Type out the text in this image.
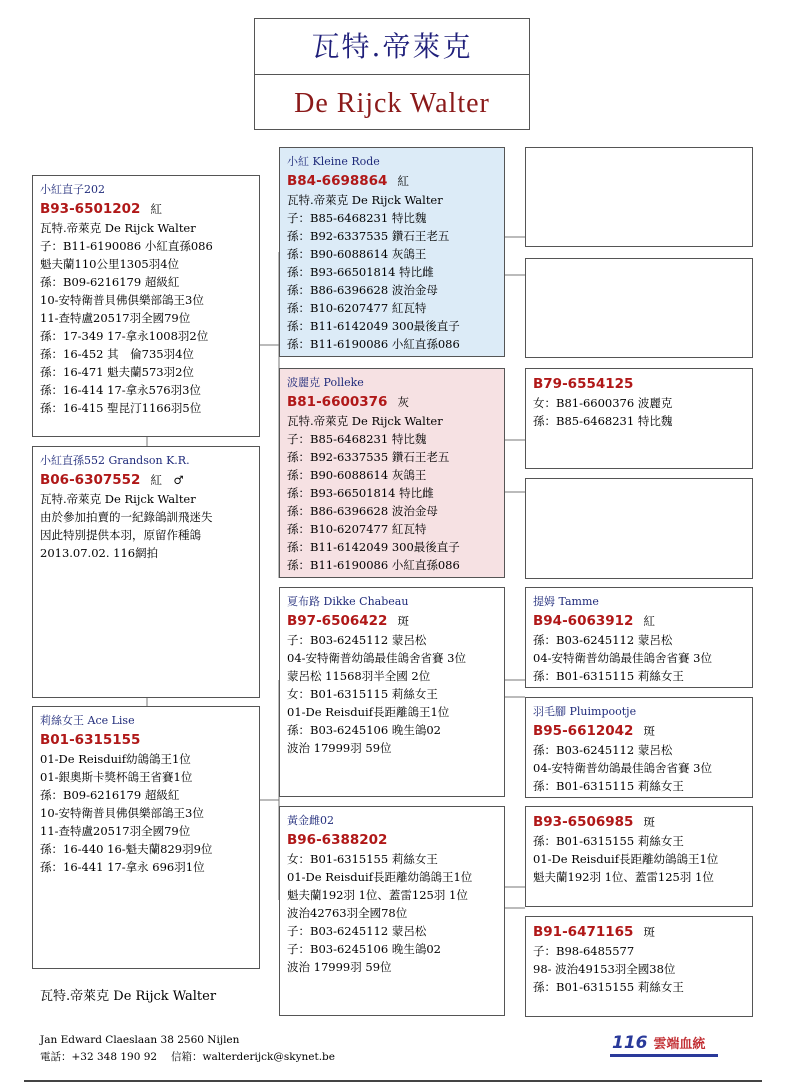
瓦特.帝萊克
De Rijck Walter
小紅直子202
B93-6501202 紅
瓦特.帝萊克 De Rijck Walter
子：B11-6190086 小紅直孫086
魁夫蘭110公里1305羽4位
孫：B09-6216179 超級紅
10-安特衛普貝佛俱樂部鴿王3位
11-查特盧20517羽全國79位
孫：17-349 17-拿永1008羽2位
孫：16-452 其　倫735羽4位
孫：16-471 魁夫蘭573羽2位
孫：16-414 17-拿永576羽3位
孫：16-415 聖昆汀1166羽5位
小紅直孫552 Grandson K.R.
B06-6307552 紅　♂
瓦特.帝萊克 De Rijck Walter
由於參加拍賣的一紀錄鴿訓飛迷失
因此特別提供本羽，原留作種鴿
2013.07.02. 116網拍
莉絲女王 Ace Lise
B01-6315155
01-De Reisduif幼鴿鴿王1位
01-銀奧斯卡獎杯鴿王省賽1位
孫：B09-6216179 超級紅
10-安特衛普貝佛俱樂部鴿王3位
11-查特盧20517羽全國79位
孫：16-440 16-魁夫蘭829羽9位
孫：16-441 17-拿永 696羽1位
小紅 Kleine Rode
B84-6698864 紅
瓦特.帝萊克 De Rijck Walter
子：B85-6468231 特比魏
孫：B92-6337535 鑽石王老五
孫：B90-6088614 灰鴿王
孫：B93-66501814 特比雌
孫：B86-6396628 波治金母
孫：B10-6207477 紅瓦特
孫：B11-6142049 300最後直子
孫：B11-6190086 小紅直孫086
波麗克 Polleke
B81-6600376 灰
瓦特.帝萊克 De Rijck Walter
子：B85-6468231 特比魏
孫：B92-6337535 鑽石王老五
孫：B90-6088614 灰鴿王
孫：B93-66501814 特比雌
孫：B86-6396628 波治金母
孫：B10-6207477 紅瓦特
孫：B11-6142049 300最後直子
孫：B11-6190086 小紅直孫086
夏布路 Dikke Chabeau
B97-6506422 斑
子：B03-6245112 蒙呂松
04-安特衛普幼鴿最佳鴿舍省賽 3位
蒙呂松 11568羽半全國 2位
女：B01-6315115 莉絲女王
01-De Reisduif長距離鴿王1位
孫：B03-6245106 晚生鴿02
波治 17999羽 59位
黃金雌02
B96-6388202
女：B01-6315155 莉絲女王
01-De Reisduif長距離幼鴿鴿王1位
魁夫蘭192羽 1位、蓋雷125羽 1位
波治42763羽全國78位
子：B03-6245112 蒙呂松
子：B03-6245106 晚生鴿02
波治 17999羽 59位
B79-6554125
女：B81-6600376 波麗克
孫：B85-6468231 特比魏
提姆 Tamme
B94-6063912 紅
孫：B03-6245112 蒙呂松
04-安特衛普幼鴿最佳鴿舍省賽 3位
孫：B01-6315115 莉絲女王
羽毛腳 Pluimpootje
B95-6612042 斑
孫：B03-6245112 蒙呂松
04-安特衛普幼鴿最佳鴿舍省賽 3位
孫：B01-6315115 莉絲女王
B93-6506985 斑
孫：B01-6315155 莉絲女王
01-De Reisduif長距離幼鴿鴿王1位
魁夫蘭192羽 1位、蓋雷125羽 1位
B91-6471165 斑
子：B98-6485577
98- 波治49153羽全國38位
孫：B01-6315155 莉絲女王
瓦特.帝萊克 De Rijck Walter
Jan Edward Claeslaan 38 2560 Nijlen
電話：+32 348 190 92　 信箱：walterderijck@skynet.be
116 雲端血統
